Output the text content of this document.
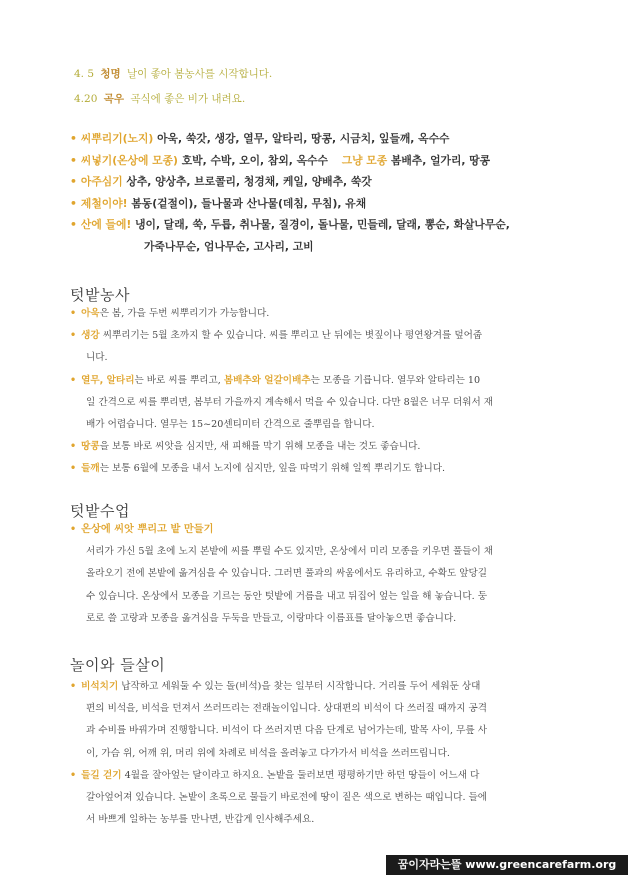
4. 5 청명 날이 좋아 봄농사를 시작합니다.
4.20 곡우 곡식에 좋은 비가 내려요.
• 씨뿌리기(노지) 아욱, 쑥갓, 생강, 열무, 알타리, 땅콩, 시금치, 잎들깨, 옥수수
• 씨넣기(온상에 모종) 호박, 수박, 오이, 참외, 옥수수 그냥 모종 봄배추, 얼가리, 땅콩
• 아주심기 상추, 양상추, 브로콜리, 청경채, 케일, 양배추, 쑥갓
• 제철이야! 봄동(겉절이), 들나물과 산나물(데침, 무침), 유채
• 산에 들에! 냉이, 달래, 쑥, 두릅, 취나물, 질경이, 돌나물, 민들레, 달래, 뽕순, 화살나무순,
가죽나무순, 엄나무순, 고사리, 고비
텃밭농사
• 아욱은 봄, 가을 두번 씨뿌리기가 가능합니다.
• 생강 씨뿌리기는 5월 초까지 할 수 있습니다. 씨를 뿌리고 난 뒤에는 볏짚이나 평연왕겨를 덮어줍
니다.
• 열무, 알타리는 바로 씨를 뿌리고, 봄배추와 얼갈이배추는 모종을 기릅니다. 열무와 알타리는 10
일 간격으로 씨를 뿌리면, 봄부터 가을까지 계속해서 먹을 수 있습니다. 다만 8월은 너무 더워서 재
배가 어렵습니다. 열무는 15~20센티미터 간격으로 줄뿌림을 합니다.
• 땅콩을 보통 바로 씨앗을 심지만, 새 피해를 막기 위해 모종을 내는 것도 좋습니다.
• 들깨는 보통 6월에 모종을 내서 노지에 심지만, 잎을 따먹기 위해 일찍 뿌리기도 합니다.
텃밭수업
• 온상에 씨앗 뿌리고 밭 만들기
서리가 가신 5월 초에 노지 본밭에 씨를 뿌릴 수도 있지만, 온상에서 미리 모종을 키우면 풀들이 채
올라오기 전에 본밭에 옮겨심을 수 있습니다. 그러면 풀과의 싸움에서도 유리하고, 수확도 앞당길
수 있습니다. 온상에서 모종을 기르는 동안 텃밭에 거름을 내고 뒤집어 엎는 일을 해 놓습니다. 둥
로로 쓸 고랑과 모종을 옮겨심을 두둑을 만들고, 이랑마다 이름표를 달아놓으면 좋습니다.
놀이와 들살이
• 비석치기 납작하고 세워둘 수 있는 돌(비석)을 찾는 일부터 시작합니다. 거리를 두어 세워둔 상대
편의 비석을, 비석을 던져서 쓰러뜨리는 전래놀이입니다. 상대편의 비석이 다 쓰러질 때까지 공격
과 수비를 바꿔가며 진행합니다. 비석이 다 쓰러지면 다음 단계로 넘어가는데, 발목 사이, 무릎 사
이, 가슴 위, 어깨 위, 머리 위에 차례로 비석을 올려놓고 다가가서 비석을 쓰러뜨립니다.
• 들길 걷기 4월을 잘아엎는 달이라고 하지요. 논밭을 둘러보면 평평하기만 하던 땅들이 어느새 다
갈아엎어져 있습니다. 논밭이 초록으로 물들기 바로전에 땅이 짙은 색으로 변하는 때입니다. 들에
서 바쁘게 일하는 농부를 만나면, 반갑게 인사해주세요.
꿈이자라는뜰 www.greencarefarm.org
